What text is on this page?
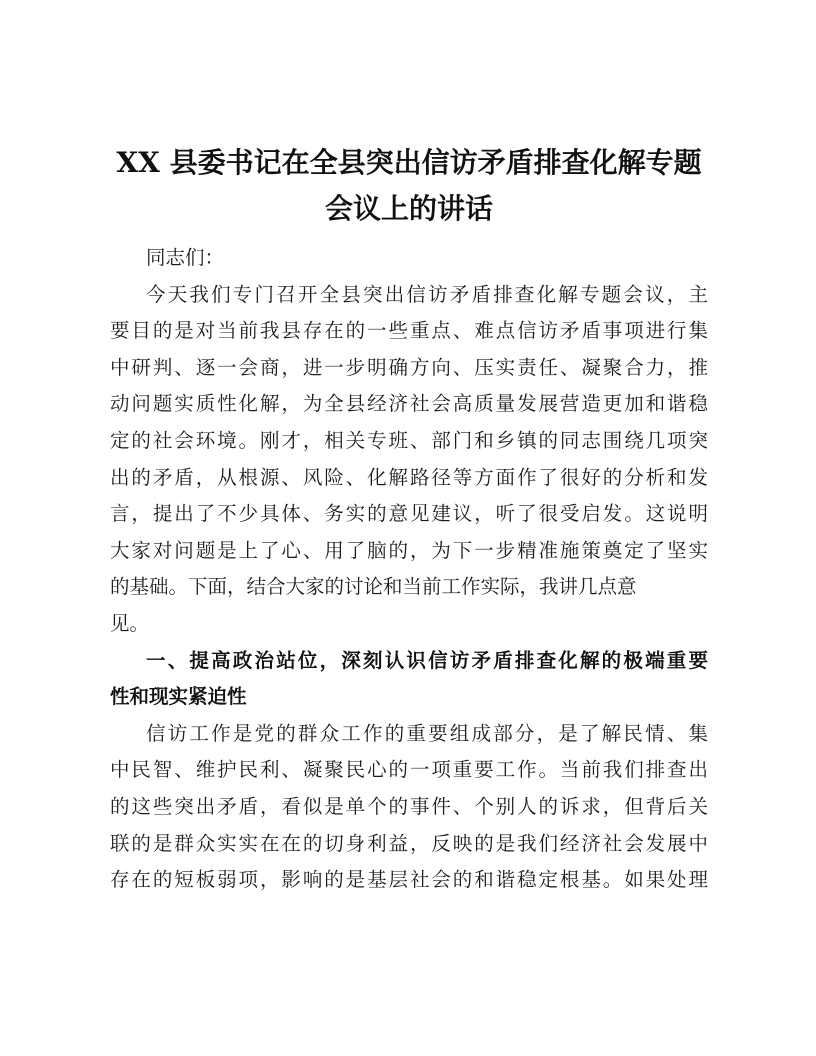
XX 县委书记在全县突出信访矛盾排查化解专题
会议上的讲话

同志们：

今天我们专门召开全县突出信访矛盾排查化解专题会议，主
要目的是对当前我县存在的一些重点、难点信访矛盾事项进行集
中研判、逐一会商，进一步明确方向、压实责任、凝聚合力，推
动问题实质性化解，为全县经济社会高质量发展营造更加和谐稳
定的社会环境。刚才，相关专班、部门和乡镇的同志围绕几项突
出的矛盾，从根源、风险、化解路径等方面作了很好的分析和发
言，提出了不少具体、务实的意见建议，听了很受启发。这说明
大家对问题是上了心、用了脑的，为下一步精准施策奠定了坚实
的基础。下面，结合大家的讨论和当前工作实际，我讲几点意
见。

一、提高政治站位，深刻认识信访矛盾排查化解的极端重要
性和现实紧迫性

信访工作是党的群众工作的重要组成部分，是了解民情、集
中民智、维护民利、凝聚民心的一项重要工作。当前我们排查出
的这些突出矛盾，看似是单个的事件、个别人的诉求，但背后关
联的是群众实实在在的切身利益，反映的是我们经济社会发展中
存在的短板弱项，影响的是基层社会的和谐稳定根基。如果处理
